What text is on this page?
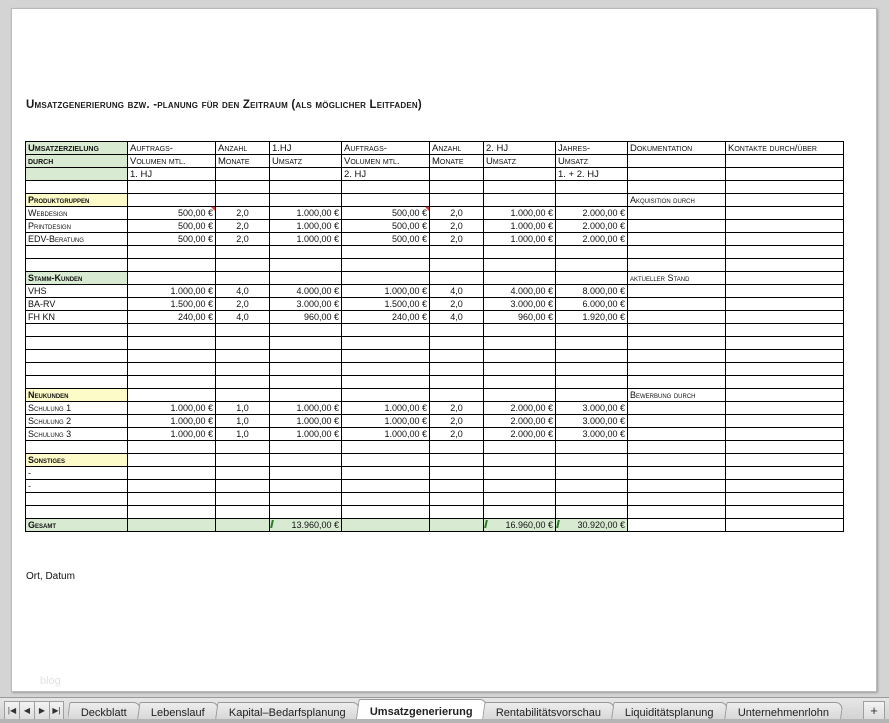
Umsatzgenerierung bzw. -planung für den Zeitraum (als möglicher Leitfaden)
Umsatzerzielung	Auftrags-	Anzahl	1.HJ	Auftrags-	Anzahl	2. HJ	Jahres-	Dokumentation	Kontakte durch/über
durch	Volumen mtl.	Monate	Umsatz	Volumen mtl.	Monate	Umsatz	Umsatz		
	1. HJ			2. HJ			1. + 2. HJ		

Produktgruppen								Akquisition durch	
Webdesign	500,00 €	2,0	1.000,00 €	500,00 €	2,0	1.000,00 €	2.000,00 €		
Printdesign	500,00 €	2,0	1.000,00 €	500,00 €	2,0	1.000,00 €	2.000,00 €		
EDV-Beratung	500,00 €	2,0	1.000,00 €	500,00 €	2,0	1.000,00 €	2.000,00 €		

Stamm-Kunden								aktueller Stand	
VHS	1.000,00 €	4,0	4.000,00 €	1.000,00 €	4,0	4.000,00 €	8.000,00 €		
BA-RV	1.500,00 €	2,0	3.000,00 €	1.500,00 €	2,0	3.000,00 €	6.000,00 €		
FH KN	240,00 €	4,0	960,00 €	240,00 €	4,0	960,00 €	1.920,00 €		

Neukunden								Bewerbung durch	
Schulung 1	1.000,00 €	1,0	1.000,00 €	1.000,00 €	2,0	2.000,00 €	3.000,00 €		
Schulung 2	1.000,00 €	1,0	1.000,00 €	1.000,00 €	2,0	2.000,00 €	3.000,00 €		
Schulung 3	1.000,00 €	1,0	1.000,00 €	1.000,00 €	2,0	2.000,00 €	3.000,00 €		

Sonstiges									
-									
-									

Gesamt			13.960,00 €			16.960,00 €	30.920,00 €		
Ort, Datum
blog
|◀ ◀	▶ ▶|	Deckblatt	Lebenslauf	Kapital–Bedarfsplanung	Umsatzgenerierung	Rentabilitätsvorschau	Liquiditätsplanung	Unternehmenrlohn	+
